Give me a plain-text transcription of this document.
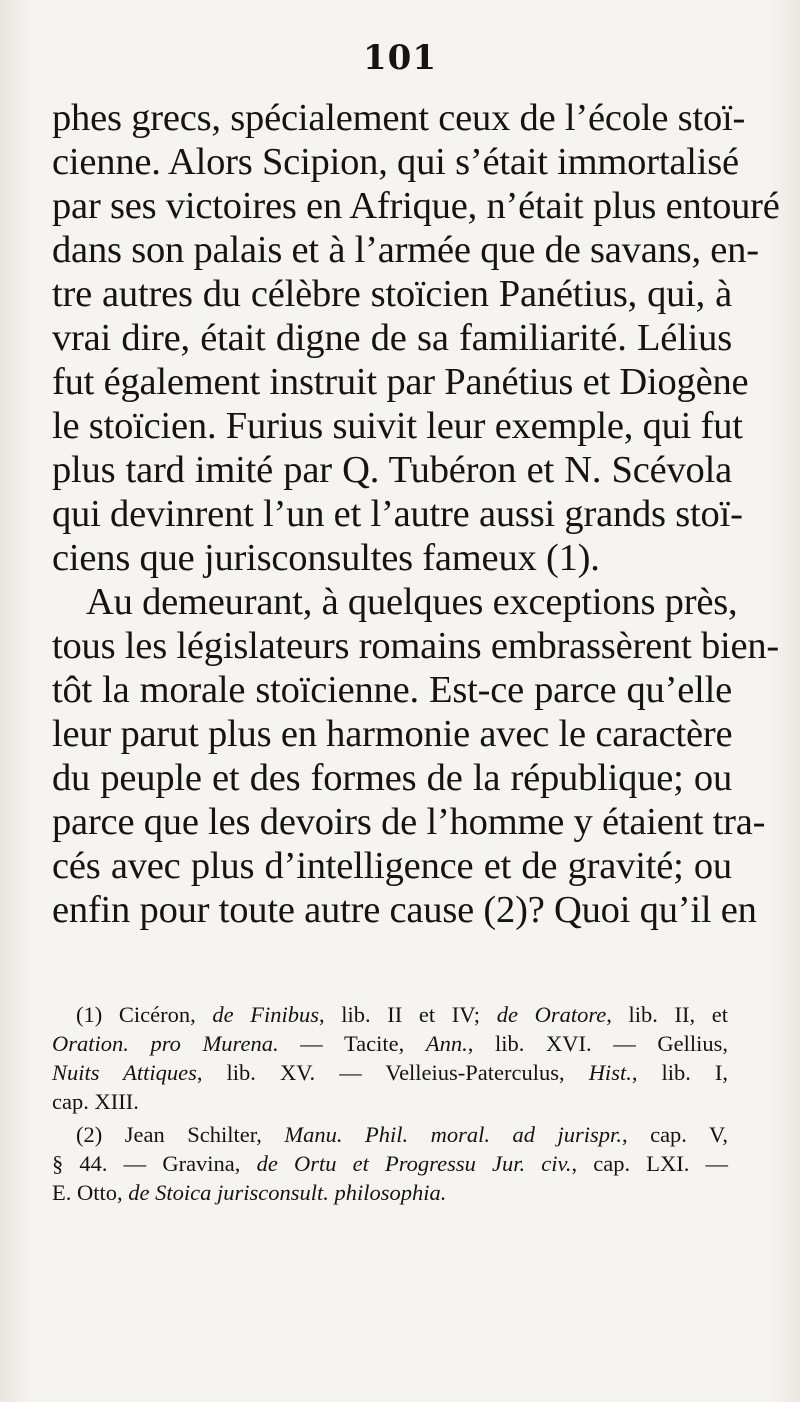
101
phes grecs, spécialement ceux de l’école stoï-
cienne. Alors Scipion, qui s’était immortalisé
par ses victoires en Afrique, n’était plus entouré
dans son palais et à l’armée que de savans, en-
tre autres du célèbre stoïcien Panétius, qui, à
vrai dire, était digne de sa familiarité. Lélius
fut également instruit par Panétius et Diogène
le stoïcien. Furius suivit leur exemple, qui fut
plus tard imité par Q. Tubéron et N. Scévola
qui devinrent l’un et l’autre aussi grands stoï-
ciens que jurisconsultes fameux (1).
Au demeurant, à quelques exceptions près,
tous les législateurs romains embrassèrent bien-
tôt la morale stoïcienne. Est-ce parce qu’elle
leur parut plus en harmonie avec le caractère
du peuple et des formes de la république; ou
parce que les devoirs de l’homme y étaient tra-
cés avec plus d’intelligence et de gravité; ou
enfin pour toute autre cause (2)? Quoi qu’il en
(1) Cicéron, de Finibus, lib. II et IV; de Oratore, lib. II, et
Oration. pro Murena. — Tacite, Ann., lib. XVI. — Gellius,
Nuits Attiques, lib. XV. — Velleius-Paterculus, Hist., lib. I,
cap. XIII.
(2) Jean Schilter, Manu. Phil. moral. ad jurispr., cap. V,
§ 44. — Gravina, de Ortu et Progressu Jur. civ., cap. LXI. —
E. Otto, de Stoica jurisconsult. philosophia.
